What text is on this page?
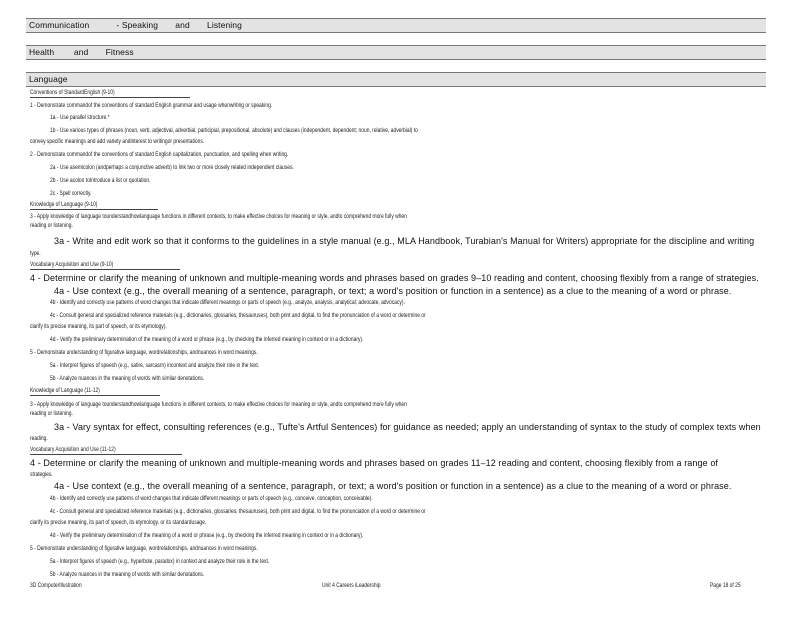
Communication           - Speaking       and       Listening
Health        and       Fitness
Language
Conventions of StandardEnglish (9-10)
1 - Demonstrate commandof the conventions of standard English grammar and usage whenwriting or speaking.
1a - Use parallel structure.*
1b - Use various types of phrases (noun, verb, adjectival, adverbial, participial, prepositional, absolute) and clauses (independent, dependent; noun, relative, adverbial) to
convey specific meanings and add variety andinterest to writingor presentations.
2 - Demonstrate commandof the conventions of standard English capitalization, punctuation, and spelling when writing.
2a - Use asemicolon (andperhaps a conjunctive adverb) to link two or more closely related independent clauses.
2b - Use acolon toIntroduce a list or quotation.
2c - Spell correctly.
Knowledge of Language (9-10)
3 - Apply knowledge of language tounderstandhowlanguage functions in different contexts, to make effective choices for meaning or style, andto comprehend more fully when
reading or listening.
3a - Write and edit work so that it conforms to the guidelines in a style manual (e.g., MLA Handbook, Turabian's Manual for Writers) appropriate for the discipline and writing
type.
Vocabulary Acquisition and Use (9-10)
4 - Determine or clarify the meaning of unknown and multiple-meaning words and phrases based on grades 9–10 reading and content, choosing flexibly from a range of strategies.
4a - Use context (e.g., the overall meaning of a sentence, paragraph, or text; a word's position or function in a sentence) as a clue to the meaning of a word or phrase.
4b - Identify and correctly use patterns of word changes that indicate different meanings or parts of speech (e.g., analyze, analysis, analytical; advocate, advocacy).
4c - Consult general and specialized reference materials (e.g., dictionaries, glossaries, thesauruses), both print and digital, to find the pronunciation of a word or determine or
clarify its precise meaning, its part of speech, or its etymology).
4d - Verify the preliminary determination of the meaning of a word or phrase (e.g., by checking the inferred meaning in context or in a dictionary).
5 - Demonstrate understanding of figurative language, wordrelationships, andnuances in word meanings.
5a - Interpret figures of speech (e.g., satire, sarcasm) incontext and analyze their role in the text.
5b - Analyze nuances in the meaning of words with similar denotations.
Knowledge of Language (11-12)
3 - Apply knowledge of language tounderstandhowlanguage functions in different contexts, to make effective choices for meaning or style, andto comprehend more fully when
reading or listening.
3a - Vary syntax for effect, consulting references (e.g., Tufte's Artful Sentences) for guidance as needed; apply an understanding of syntax to the study of complex texts when
reading.
Vocabulary Acquisition and Use (11-12)
4 - Determine or clarify the meaning of unknown and multiple-meaning words and phrases based on grades 11–12 reading and content, choosing flexibly from a range of
strategies.
4a - Use context (e.g., the overall meaning of a sentence, paragraph, or text; a word's position or function in a sentence) as a clue to the meaning of a word or phrase.
4b - Identify and correctly use patterns of word changes that indicate different meanings or parts of speech (e.g., conceive, conception, conceivable).
4c - Consult general and specialized reference materials (e.g., dictionaries, glossaries, thesauruses), both print and digital, to find the pronunciation of a word or determine or
clarify its precise meaning, its part of speech, its etymology, or its standardusage.
4d - Verify the preliminary determination of the meaning of a word or phrase (e.g., by checking the inferred meaning in context or in a dictionary).
5 - Demonstrate understanding of figurative language, wordrelationships, andnuances in word meanings.
5a - Interpret figures of speech (e.g., hyperbole, paradox) in context and analyze their role in the text.
5b - Analyze nuances in the meaning of words with similar denotations.
3D ComputerIllustration	Unit 4 Careers iLeadership	Page 18 of 25
